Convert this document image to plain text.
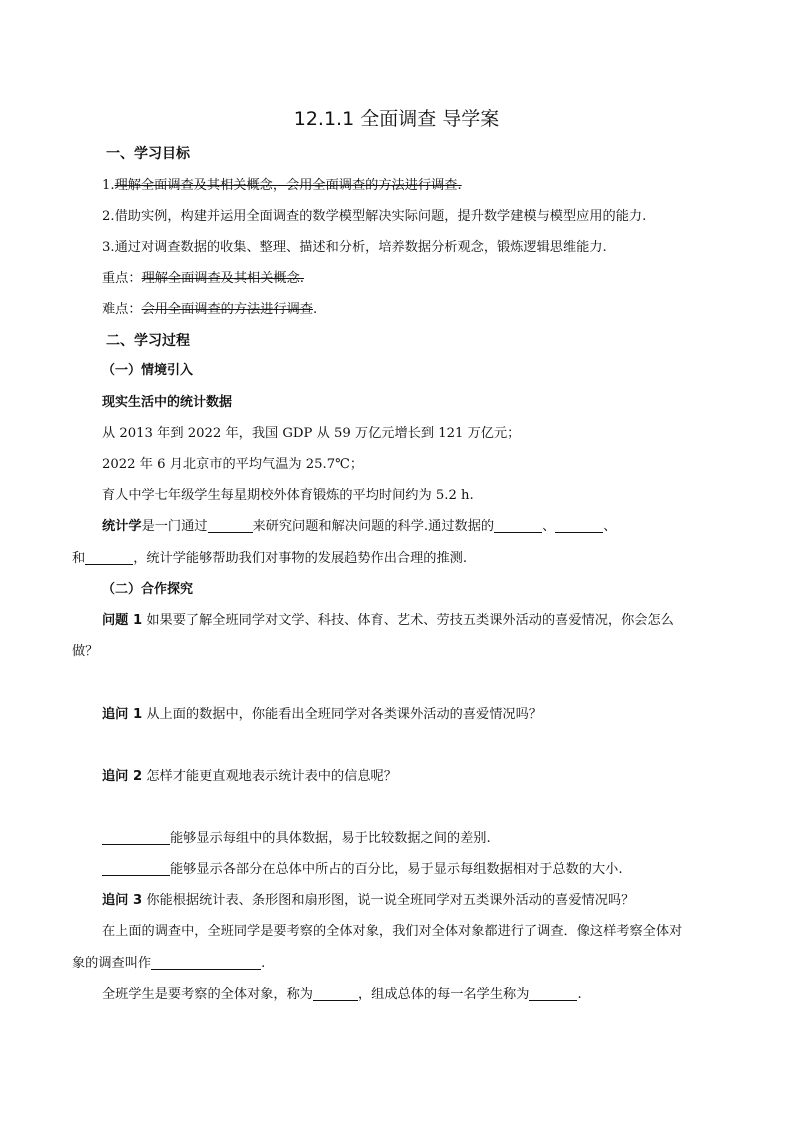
12.1.1 全面调查 导学案
一、学习目标
1.理解全面调查及其相关概念，会用全面调查的方法进行调查.
2.借助实例，构建并运用全面调查的数学模型解决实际问题，提升数学建模与模型应用的能力.
3.通过对调查数据的收集、整理、描述和分析，培养数据分析观念，锻炼逻辑思维能力.
重点：理解全面调查及其相关概念.
难点：会用全面调查的方法进行调查.
二、学习过程
（一）情境引入
现实生活中的统计数据
从 2013 年到 2022 年，我国 GDP 从 59 万亿元增长到 121 万亿元；
2022 年 6 月北京市的平均气温为 25.7℃；
育人中学七年级学生每星期校外体育锻炼的平均时间约为 5.2 h.
统计学是一门通过	来研究问题和解决问题的科学.通过数据的	、	、
和	，统计学能够帮助我们对事物的发展趋势作出合理的推测.
（二）合作探究
问题 1 如果要了解全班同学对文学、科技、体育、艺术、劳技五类课外活动的喜爱情况，你会怎么
做？
追问 1 从上面的数据中，你能看出全班同学对各类课外活动的喜爱情况吗？
追问 2 怎样才能更直观地表示统计表中的信息呢？
能够显示每组中的具体数据，易于比较数据之间的差别.
能够显示各部分在总体中所占的百分比，易于显示每组数据相对于总数的大小.
追问 3 你能根据统计表、条形图和扇形图，说一说全班同学对五类课外活动的喜爱情况吗？
在上面的调查中，全班同学是要考察的全体对象，我们对全体对象都进行了调查．像这样考察全体对
象的调查叫作	.
全班学生是要考察的全体对象，称为	，组成总体的每一名学生称为	.
